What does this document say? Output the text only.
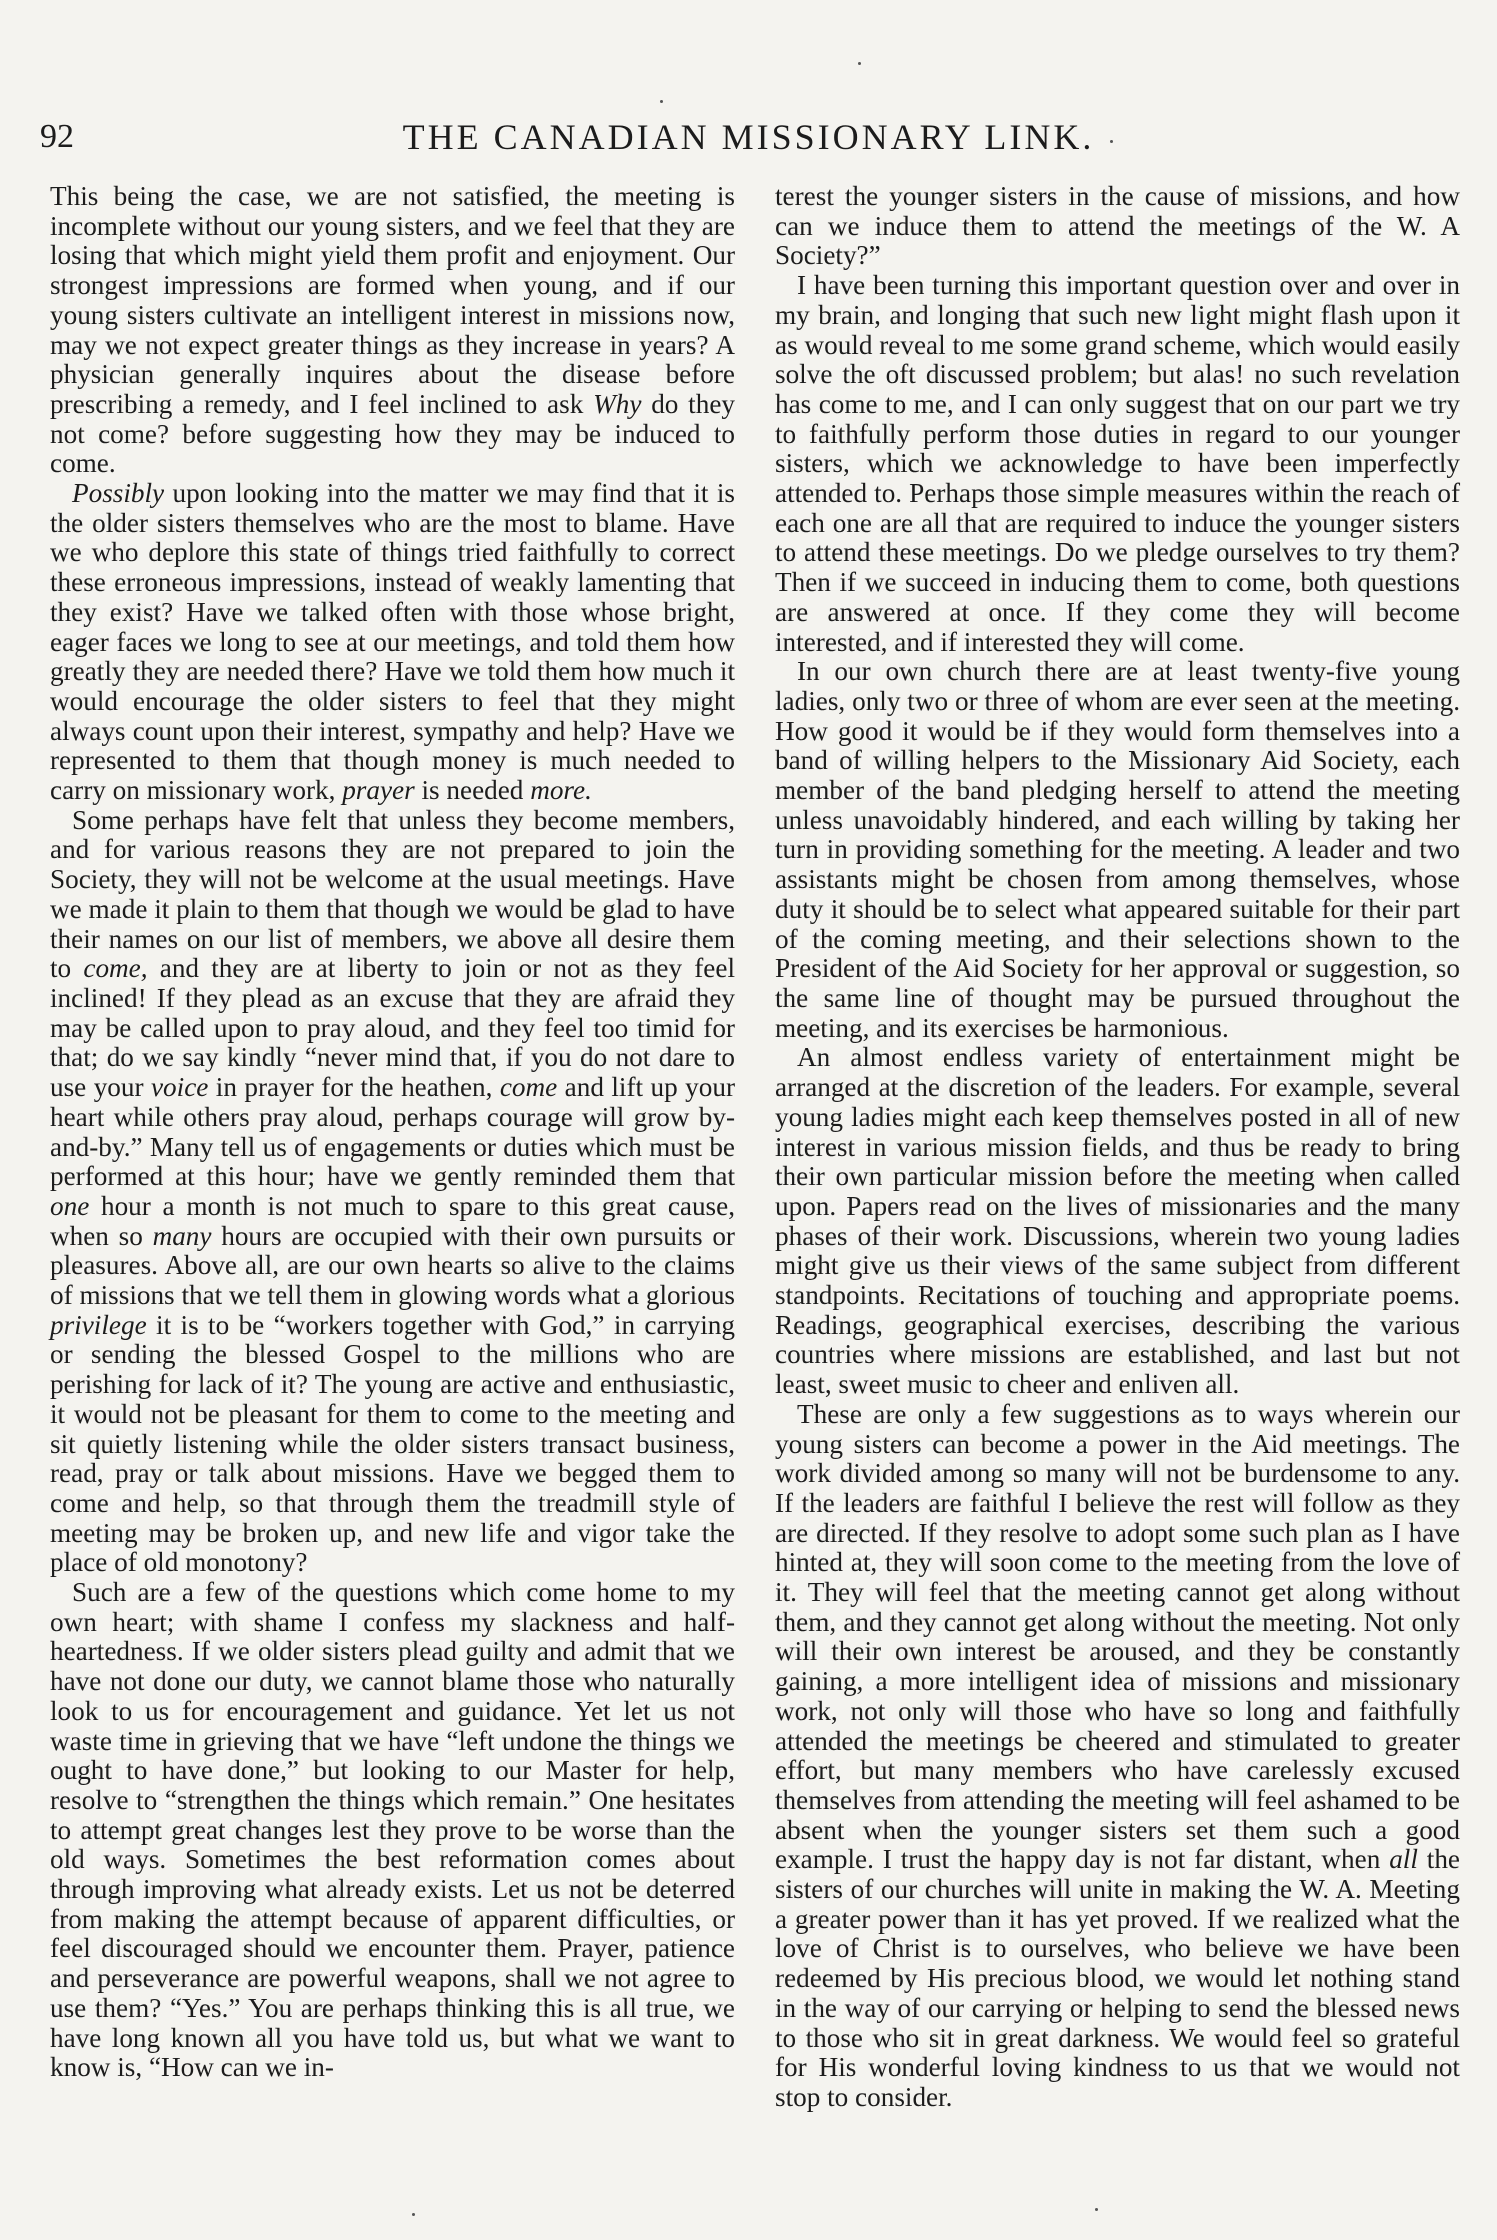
92	THE CANADIAN MISSIONARY LINK.

This being the case, we are not satisfied, the meeting is incomplete without our young sisters, and we feel that they are losing that which might yield them profit and enjoyment. Our strongest impressions are formed when young, and if our young sisters cultivate an intelligent interest in missions now, may we not expect greater things as they increase in years? A physician generally inquires about the disease before prescribing a remedy, and I feel inclined to ask Why do they not come? before suggesting how they may be induced to come.

Possibly upon looking into the matter we may find that it is the older sisters themselves who are the most to blame. Have we who deplore this state of things tried faithfully to correct these erroneous impressions, instead of weakly lamenting that they exist? Have we talked often with those whose bright, eager faces we long to see at our meetings, and told them how greatly they are needed there? Have we told them how much it would encourage the older sisters to feel that they might always count upon their interest, sympathy and help? Have we represented to them that though money is much needed to carry on missionary work, prayer is needed more.

Some perhaps have felt that unless they become members, and for various reasons they are not prepared to join the Society, they will not be welcome at the usual meetings. Have we made it plain to them that though we would be glad to have their names on our list of members, we above all desire them to come, and they are at liberty to join or not as they feel inclined! If they plead as an excuse that they are afraid they may be called upon to pray aloud, and they feel too timid for that; do we say kindly “never mind that, if you do not dare to use your voice in prayer for the heathen, come and lift up your heart while others pray aloud, perhaps courage will grow by-and-by.” Many tell us of engagements or duties which must be performed at this hour; have we gently reminded them that one hour a month is not much to spare to this great cause, when so many hours are occupied with their own pursuits or pleasures. Above all, are our own hearts so alive to the claims of missions that we tell them in glowing words what a glorious privilege it is to be “workers together with God,” in carrying or sending the blessed Gospel to the millions who are perishing for lack of it? The young are active and enthusiastic, it would not be pleasant for them to come to the meeting and sit quietly listening while the older sisters transact business, read, pray or talk about missions. Have we begged them to come and help, so that through them the treadmill style of meeting may be broken up, and new life and vigor take the place of old monotony?

Such are a few of the questions which come home to my own heart; with shame I confess my slackness and half-heartedness. If we older sisters plead guilty and admit that we have not done our duty, we cannot blame those who naturally look to us for encouragement and guidance. Yet let us not waste time in grieving that we have “left undone the things we ought to have done,” but looking to our Master for help, resolve to “strengthen the things which remain.” One hesitates to attempt great changes lest they prove to be worse than the old ways. Sometimes the best reformation comes about through improving what already exists. Let us not be deterred from making the attempt because of apparent difficulties, or feel discouraged should we encounter them. Prayer, patience and perseverance are powerful weapons, shall we not agree to use them? “Yes.” You are perhaps thinking this is all true, we have long known all you have told us, but what we want to know is, “How can we in-

terest the younger sisters in the cause of missions, and how can we induce them to attend the meetings of the W. A Society?”

I have been turning this important question over and over in my brain, and longing that such new light might flash upon it as would reveal to me some grand scheme, which would easily solve the oft discussed problem; but alas! no such revelation has come to me, and I can only suggest that on our part we try to faithfully perform those duties in regard to our younger sisters, which we acknowledge to have been imperfectly attended to. Perhaps those simple measures within the reach of each one are all that are required to induce the younger sisters to attend these meetings. Do we pledge ourselves to try them? Then if we succeed in inducing them to come, both questions are answered at once. If they come they will become interested, and if interested they will come.

In our own church there are at least twenty-five young ladies, only two or three of whom are ever seen at the meeting. How good it would be if they would form themselves into a band of willing helpers to the Missionary Aid Society, each member of the band pledging herself to attend the meeting unless unavoidably hindered, and each willing by taking her turn in providing something for the meeting. A leader and two assistants might be chosen from among themselves, whose duty it should be to select what appeared suitable for their part of the coming meeting, and their selections shown to the President of the Aid Society for her approval or suggestion, so the same line of thought may be pursued throughout the meeting, and its exercises be harmonious.

An almost endless variety of entertainment might be arranged at the discretion of the leaders. For example, several young ladies might each keep themselves posted in all of new interest in various mission fields, and thus be ready to bring their own particular mission before the meeting when called upon. Papers read on the lives of missionaries and the many phases of their work. Discussions, wherein two young ladies might give us their views of the same subject from different standpoints. Recitations of touching and appropriate poems. Readings, geographical exercises, describing the various countries where missions are established, and last but not least, sweet music to cheer and enliven all.

These are only a few suggestions as to ways wherein our young sisters can become a power in the Aid meetings. The work divided among so many will not be burdensome to any. If the leaders are faithful I believe the rest will follow as they are directed. If they resolve to adopt some such plan as I have hinted at, they will soon come to the meeting from the love of it. They will feel that the meeting cannot get along without them, and they cannot get along without the meeting. Not only will their own interest be aroused, and they be constantly gaining, a more intelligent idea of missions and missionary work, not only will those who have so long and faithfully attended the meetings be cheered and stimulated to greater effort, but many members who have carelessly excused themselves from attending the meeting will feel ashamed to be absent when the younger sisters set them such a good example. I trust the happy day is not far distant, when all the sisters of our churches will unite in making the W. A. Meeting a greater power than it has yet proved. If we realized what the love of Christ is to ourselves, who believe we have been redeemed by His precious blood, we would let nothing stand in the way of our carrying or helping to send the blessed news to those who sit in great darkness. We would feel so grateful for His wonderful loving kindness to us that we would not stop to consider.
